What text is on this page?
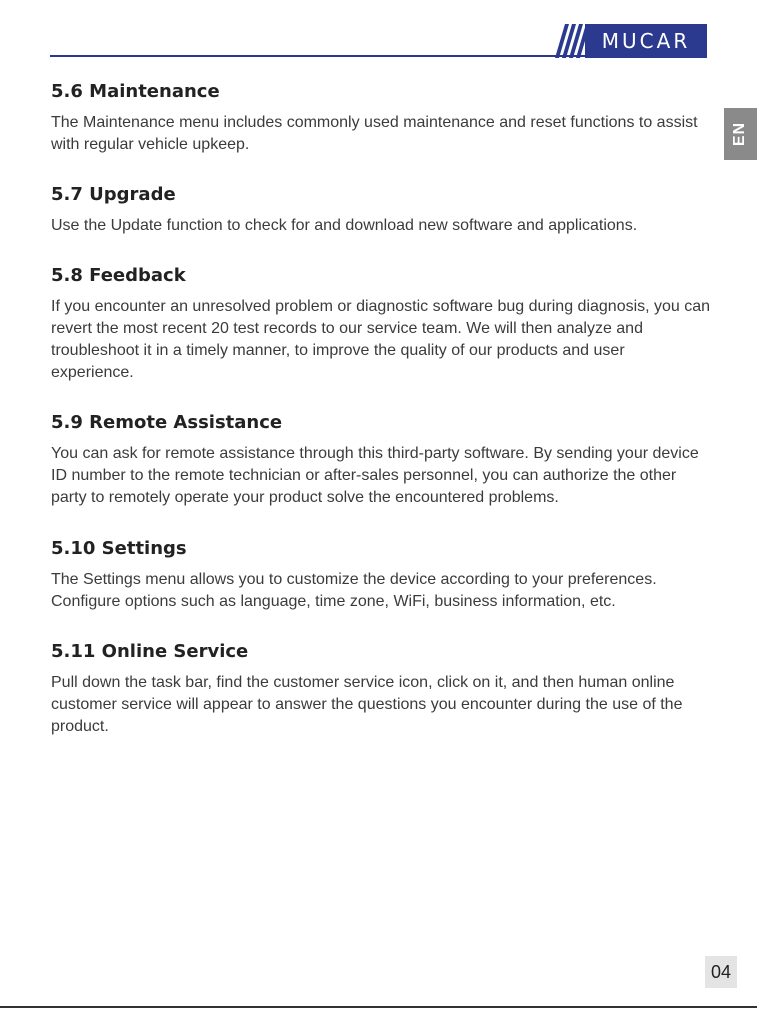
MUCAR
EN
5.6 Maintenance

The Maintenance menu includes commonly used maintenance and reset functions to assist with regular vehicle upkeep.

5.7 Upgrade

Use the Update function to check for and download new software and applications.

5.8 Feedback

If you encounter an unresolved problem or diagnostic software bug during diagnosis, you can revert the most recent 20 test records to our service team. We will then analyze and troubleshoot it in a timely manner, to improve the quality of our products and user experience.

5.9 Remote Assistance

You can ask for remote assistance through this third-party software. By sending your device ID number to the remote technician or after-sales personnel, you can authorize the other party to remotely operate your product solve the encountered problems.

5.10 Settings

The Settings menu allows you to customize the device according to your preferences. Configure options such as language, time zone, WiFi, business information, etc.

5.11 Online Service

Pull down the task bar, find the customer service icon, click on it, and then human online customer service will appear to answer the questions you encounter during the use of the product.

04
